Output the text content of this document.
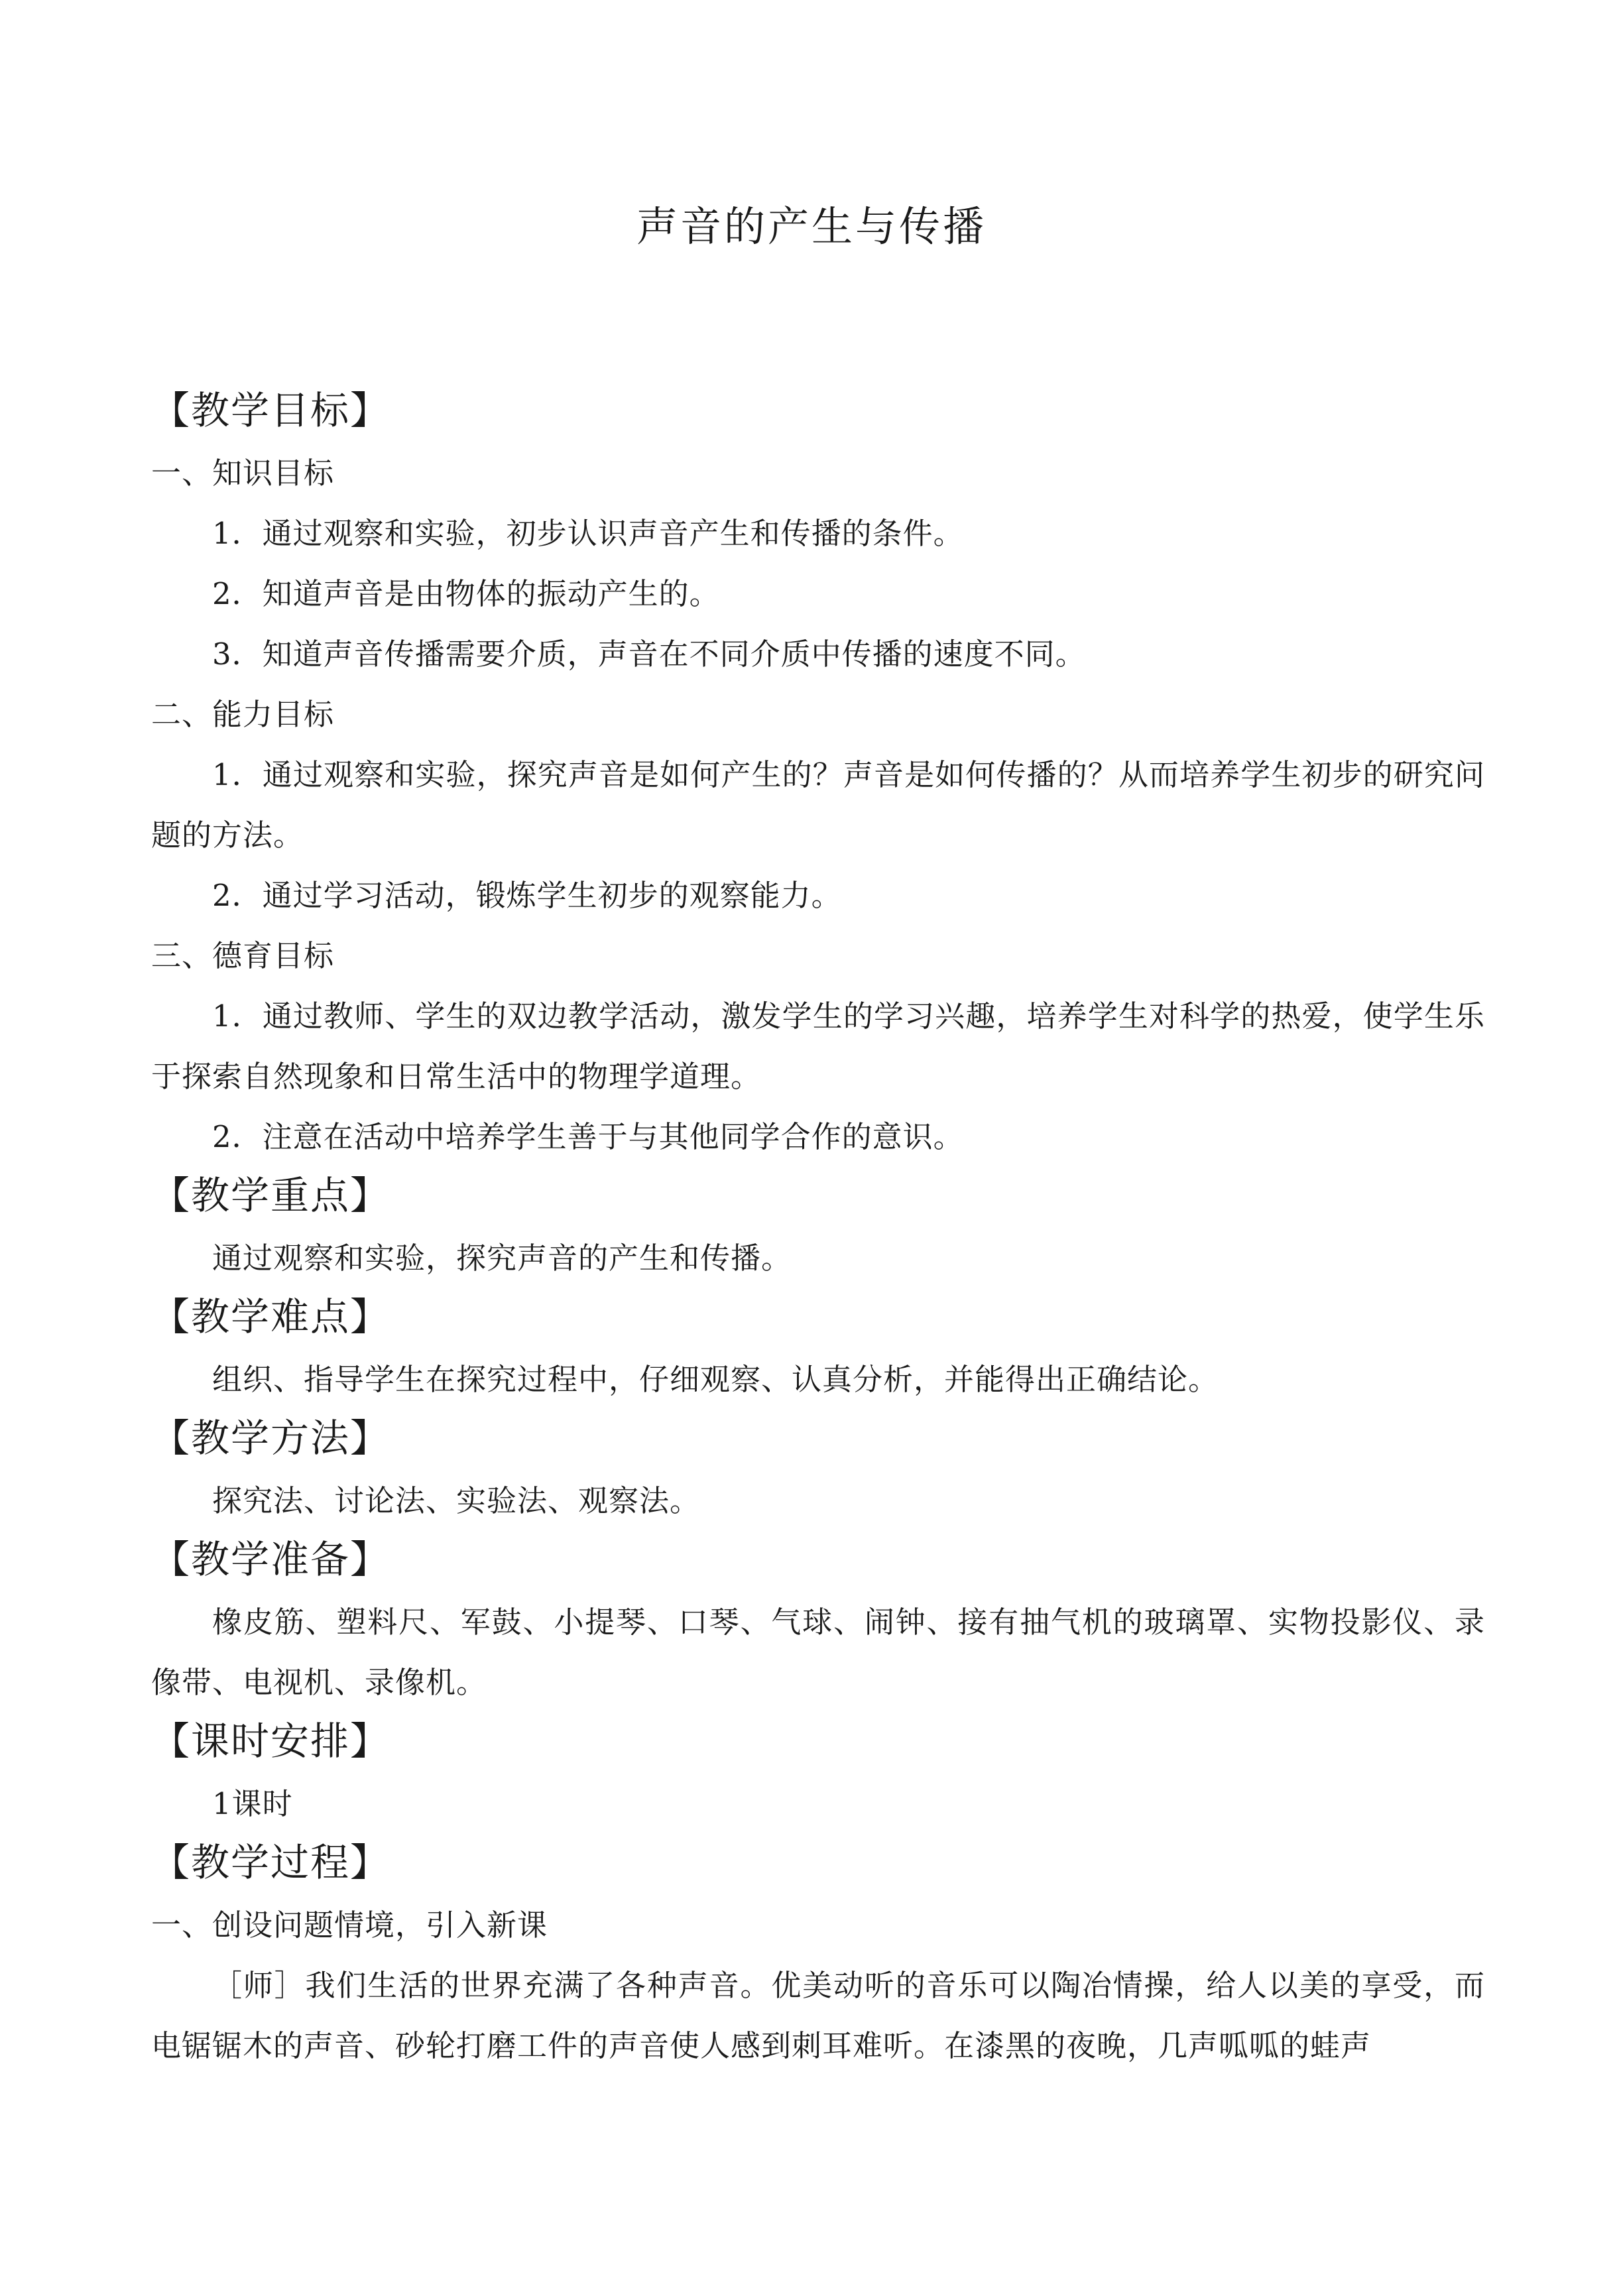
声音的产生与传播
【教学目标】
一、知识目标
1．通过观察和实验，初步认识声音产生和传播的条件。
2．知道声音是由物体的振动产生的。
3．知道声音传播需要介质，声音在不同介质中传播的速度不同。
二、能力目标
1．通过观察和实验，探究声音是如何产生的？声音是如何传播的？从而培养学生初步的研究问题的方法。
2．通过学习活动，锻炼学生初步的观察能力。
三、德育目标
1．通过教师、学生的双边教学活动，激发学生的学习兴趣，培养学生对科学的热爱，使学生乐于探索自然现象和日常生活中的物理学道理。
2．注意在活动中培养学生善于与其他同学合作的意识。
【教学重点】
通过观察和实验，探究声音的产生和传播。
【教学难点】
组织、指导学生在探究过程中，仔细观察、认真分析，并能得出正确结论。
【教学方法】
探究法、讨论法、实验法、观察法。
【教学准备】
橡皮筋、塑料尺、军鼓、小提琴、口琴、气球、闹钟、接有抽气机的玻璃罩、实物投影仪、录像带、电视机、录像机。
【课时安排】
1课时
【教学过程】
一、创设问题情境，引入新课
［师］我们生活的世界充满了各种声音。优美动听的音乐可以陶冶情操，给人以美的享受，而电锯锯木的声音、砂轮打磨工件的声音使人感到刺耳难听。在漆黑的夜晚，几声呱呱的蛙声
